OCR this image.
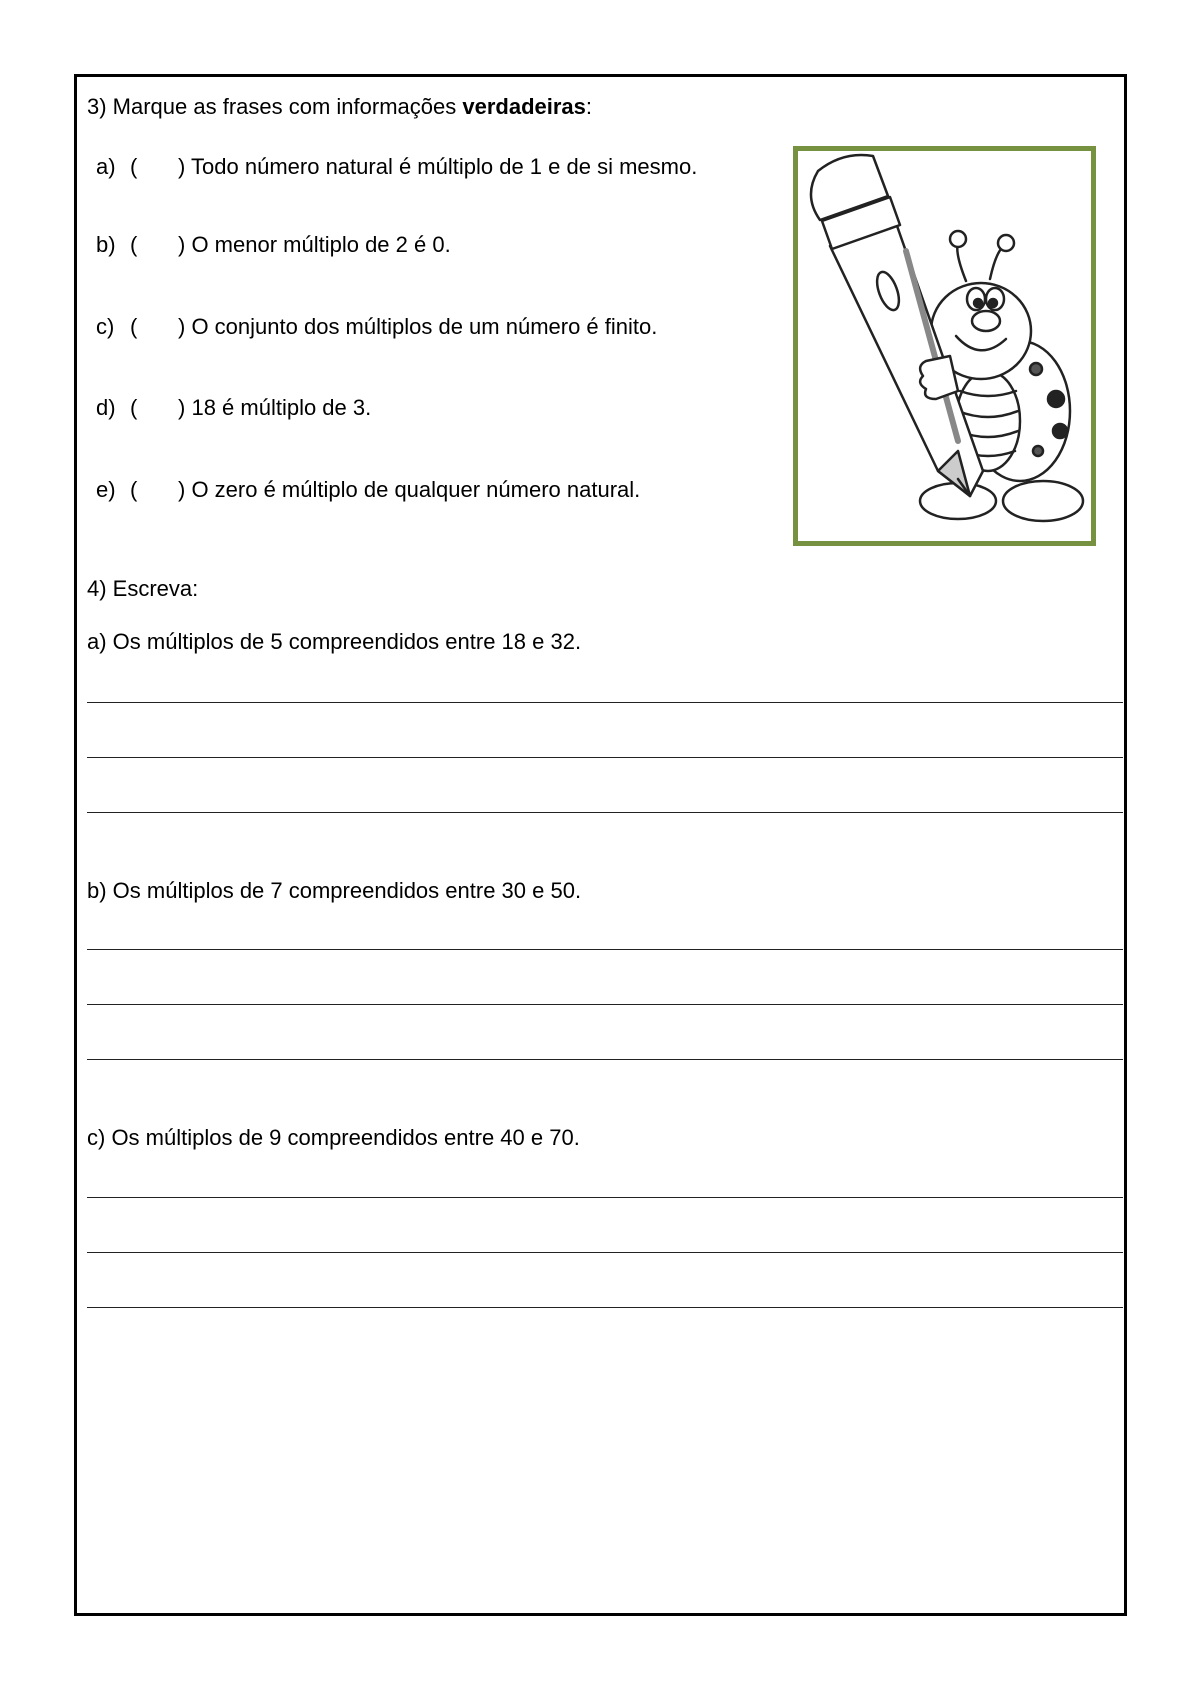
3) Marque as frases com informações verdadeiras:
a) ( ) Todo número natural é múltiplo de 1 e de si mesmo.
b) ( ) O menor múltiplo de 2 é 0.
c) ( ) O conjunto dos múltiplos de um número é finito.
d) ( ) 18 é múltiplo de 3.
e) ( ) O zero é múltiplo de qualquer número natural.
4) Escreva:
a) Os múltiplos de 5 compreendidos entre 18 e 32.
b) Os múltiplos de 7 compreendidos entre 30 e 50.
c) Os múltiplos de 9 compreendidos entre 40 e 70.
